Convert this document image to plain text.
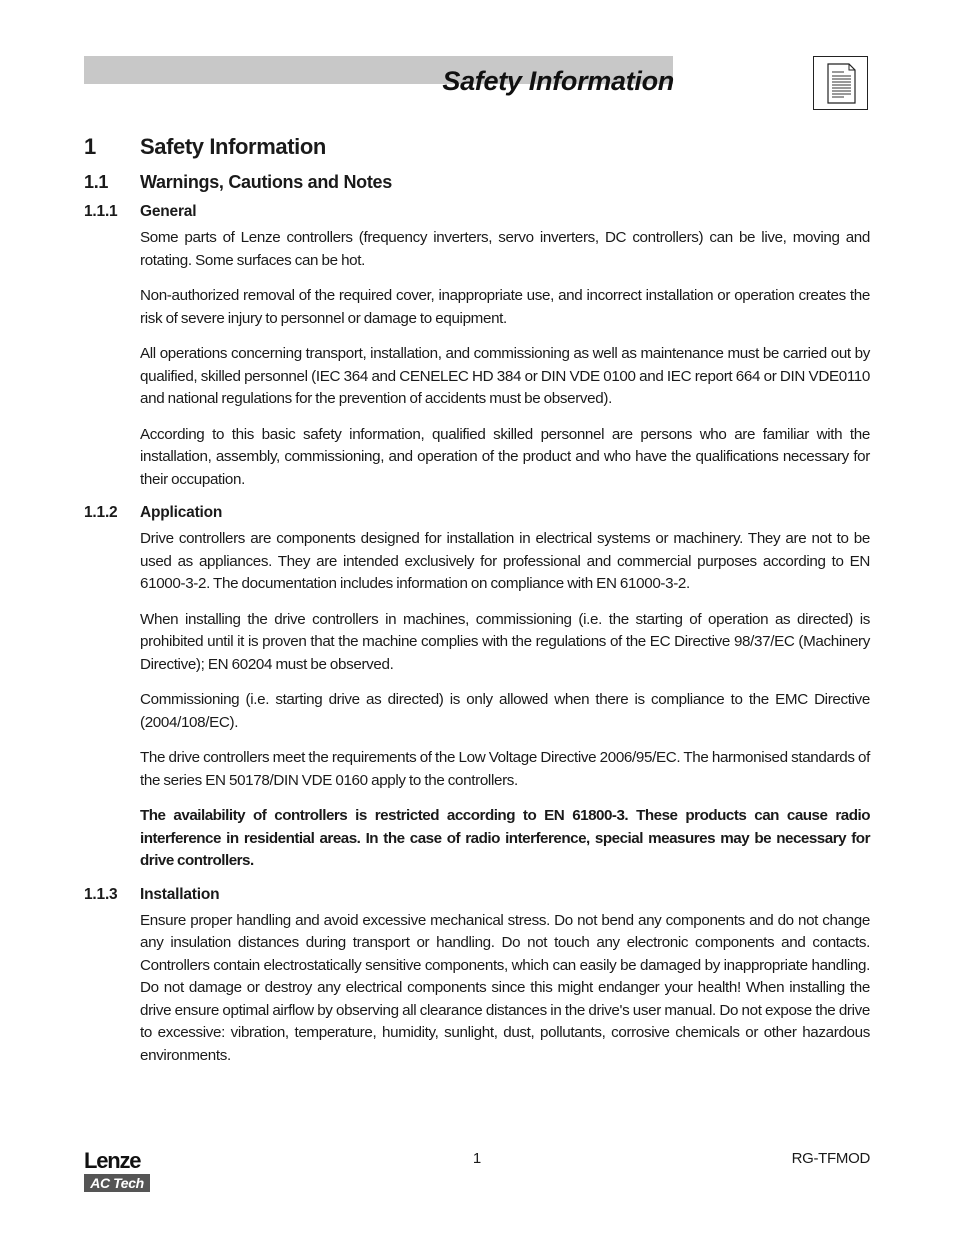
Safety Information
1	Safety Information
1.1	Warnings, Cautions and Notes
1.1.1	General

Some parts of Lenze controllers (frequency inverters, servo inverters, DC controllers) can be live, moving and rotating. Some surfaces can be hot.

Non-authorized removal of the required cover, inappropriate use, and incorrect installation or operation creates the risk of severe injury to personnel or damage to equipment.

All operations concerning transport, installation, and commissioning as well as maintenance must be carried out by qualified, skilled personnel (IEC 364 and CENELEC HD 384 or DIN VDE 0100 and IEC report 664 or DIN VDE0110 and national regulations for the prevention of accidents must be observed).

According to this basic safety information, qualified skilled personnel are persons who are familiar with the installation, assembly, commissioning, and operation of the product and who have the qualifications necessary for their occupation.

1.1.2	Application

Drive controllers are components designed for installation in electrical systems or machinery. They are not to be used as appliances. They are intended exclusively for professional and commercial purposes according to EN 61000-3-2. The documentation includes information on compliance with EN 61000-3-2.

When installing the drive controllers in machines, commissioning (i.e. the starting of operation as directed) is prohibited until it is proven that the machine complies with the regulations of the EC Directive 98/37/EC (Machinery Directive); EN 60204 must be observed.

Commissioning (i.e. starting drive as directed) is only allowed when there is compliance to the EMC Directive (2004/108/EC).

The drive controllers meet the requirements of the Low Voltage Directive 2006/95/EC. The harmonised standards of the series EN 50178/DIN VDE 0160 apply to the controllers.

The availability of controllers is restricted according to EN 61800-3. These products can cause radio interference in residential areas. In the case of radio interference, special measures may be necessary for drive controllers.

1.1.3	Installation

Ensure proper handling and avoid excessive mechanical stress. Do not bend any components and do not change any insulation distances during transport or handling. Do not touch any electronic components and contacts. Controllers contain electrostatically sensitive components, which can easily be damaged by inappropriate handling. Do not damage or destroy any electrical components since this might endanger your health! When installing the drive ensure optimal airflow by observing all clearance distances in the drive's user manual. Do not expose the drive to excessive: vibration, temperature, humidity, sunlight, dust, pollutants, corrosive chemicals or other hazardous environments.

Lenze
AC Tech
1	RG-TFMOD
